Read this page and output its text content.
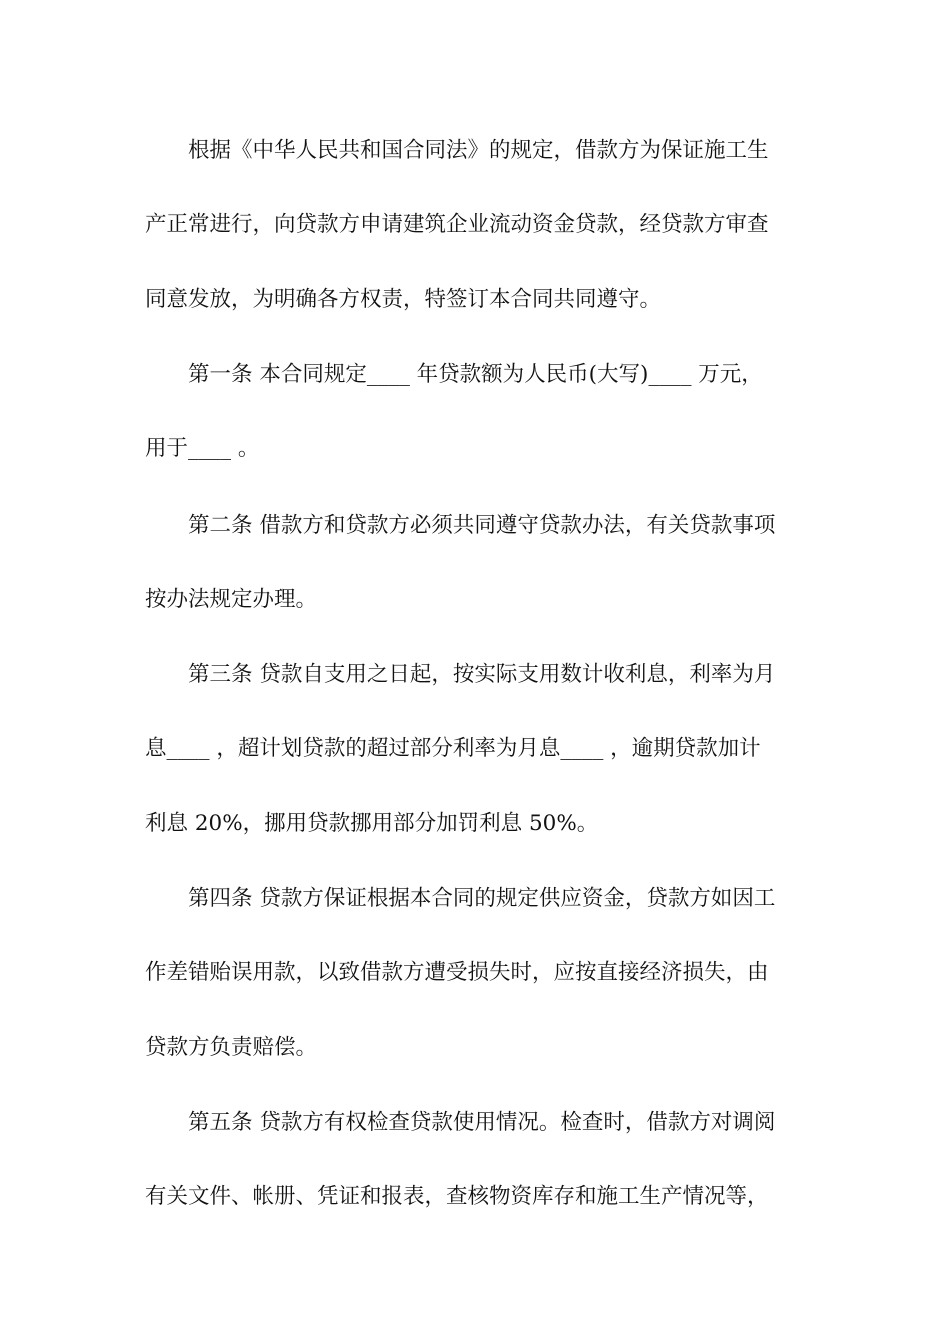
根据《中华人民共和国合同法》的规定，借款方为保证施工生
产正常进行，向贷款方申请建筑企业流动资金贷款，经贷款方审查
同意发放，为明确各方权责，特签订本合同共同遵守。
第一条 本合同规定____ 年贷款额为人民币(大写)____ 万元，
用于____ 。
第二条 借款方和贷款方必须共同遵守贷款办法，有关贷款事项
按办法规定办理。
第三条 贷款自支用之日起，按实际支用数计收利息，利率为月
息____ ，超计划贷款的超过部分利率为月息____ ，逾期贷款加计
利息 20%，挪用贷款挪用部分加罚利息 50%。
第四条 贷款方保证根据本合同的规定供应资金，贷款方如因工
作差错贻误用款，以致借款方遭受损失时，应按直接经济损失，由
贷款方负责赔偿。
第五条 贷款方有权检查贷款使用情况。检查时，借款方对调阅
有关文件、帐册、凭证和报表，查核物资库存和施工生产情况等，
